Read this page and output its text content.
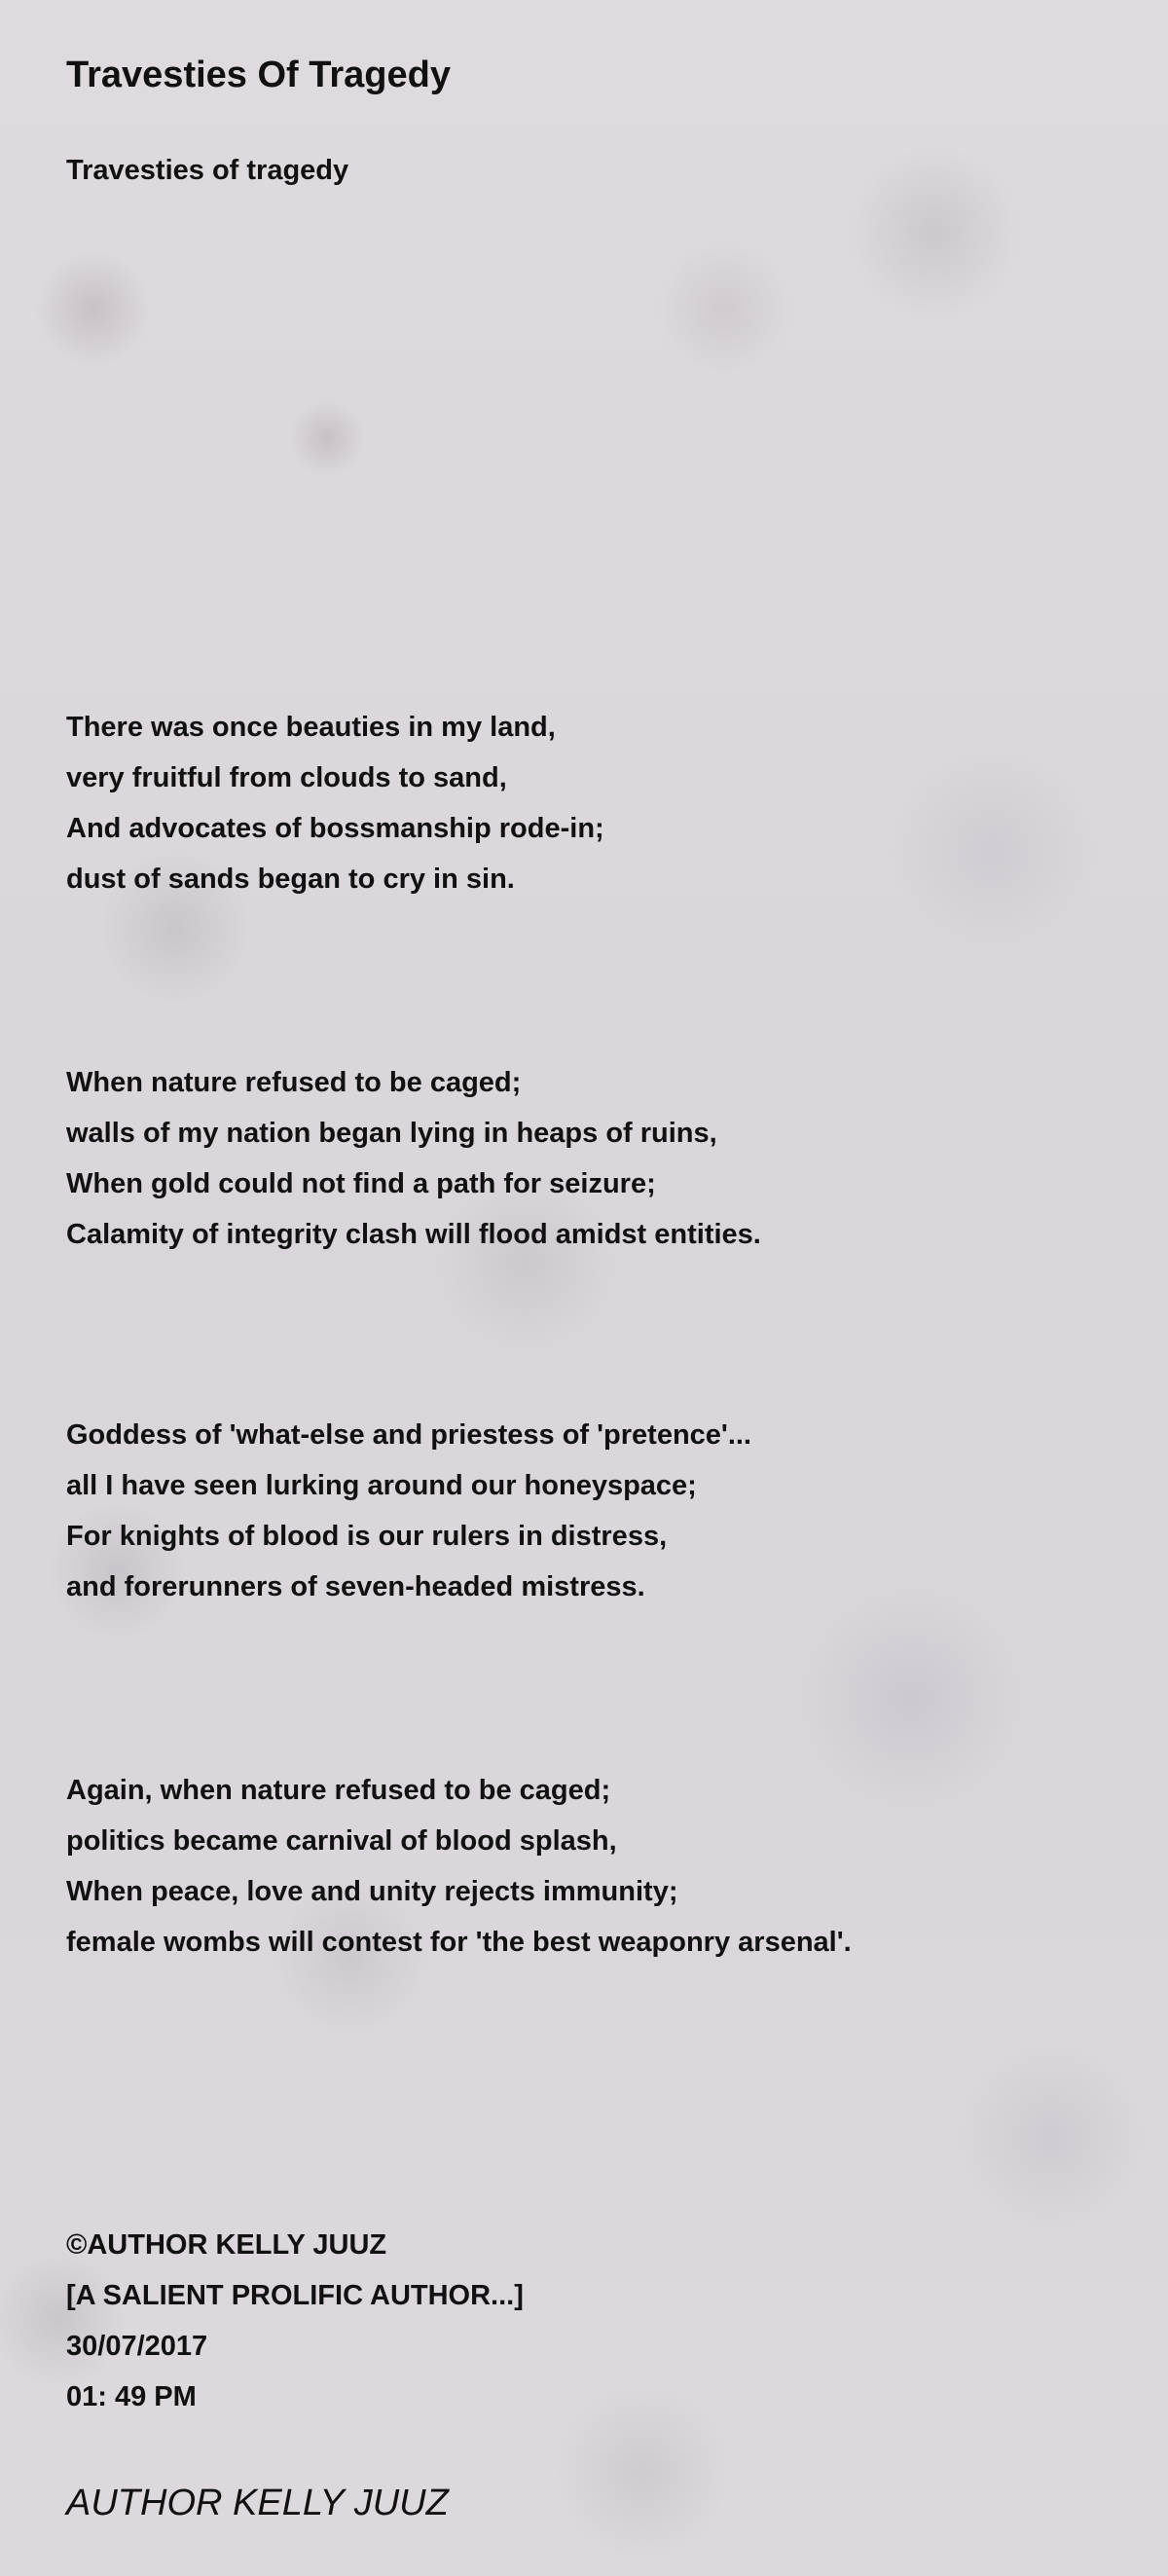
Travesties Of Tragedy
Travesties of tragedy
There was once beauties in my land,
very fruitful from clouds to sand,
And advocates of bossmanship rode-in;
dust of sands began to cry in sin.
When nature refused to be caged;
walls of my nation began lying in heaps of ruins,
When gold could not find a path for seizure;
Calamity of integrity clash will flood amidst entities.
Goddess of 'what-else and priestess of 'pretence'...
all I have seen lurking around our honeyspace;
For knights of blood is our rulers in distress,
and forerunners of seven-headed mistress.
Again, when nature refused to be caged;
politics became carnival of blood splash,
When peace, love and unity rejects immunity;
female wombs will contest for 'the best weaponry arsenal'.
©AUTHOR KELLY JUUZ
[A SALIENT PROLIFIC AUTHOR...]
30/07/2017
01: 49 PM
AUTHOR KELLY JUUZ
